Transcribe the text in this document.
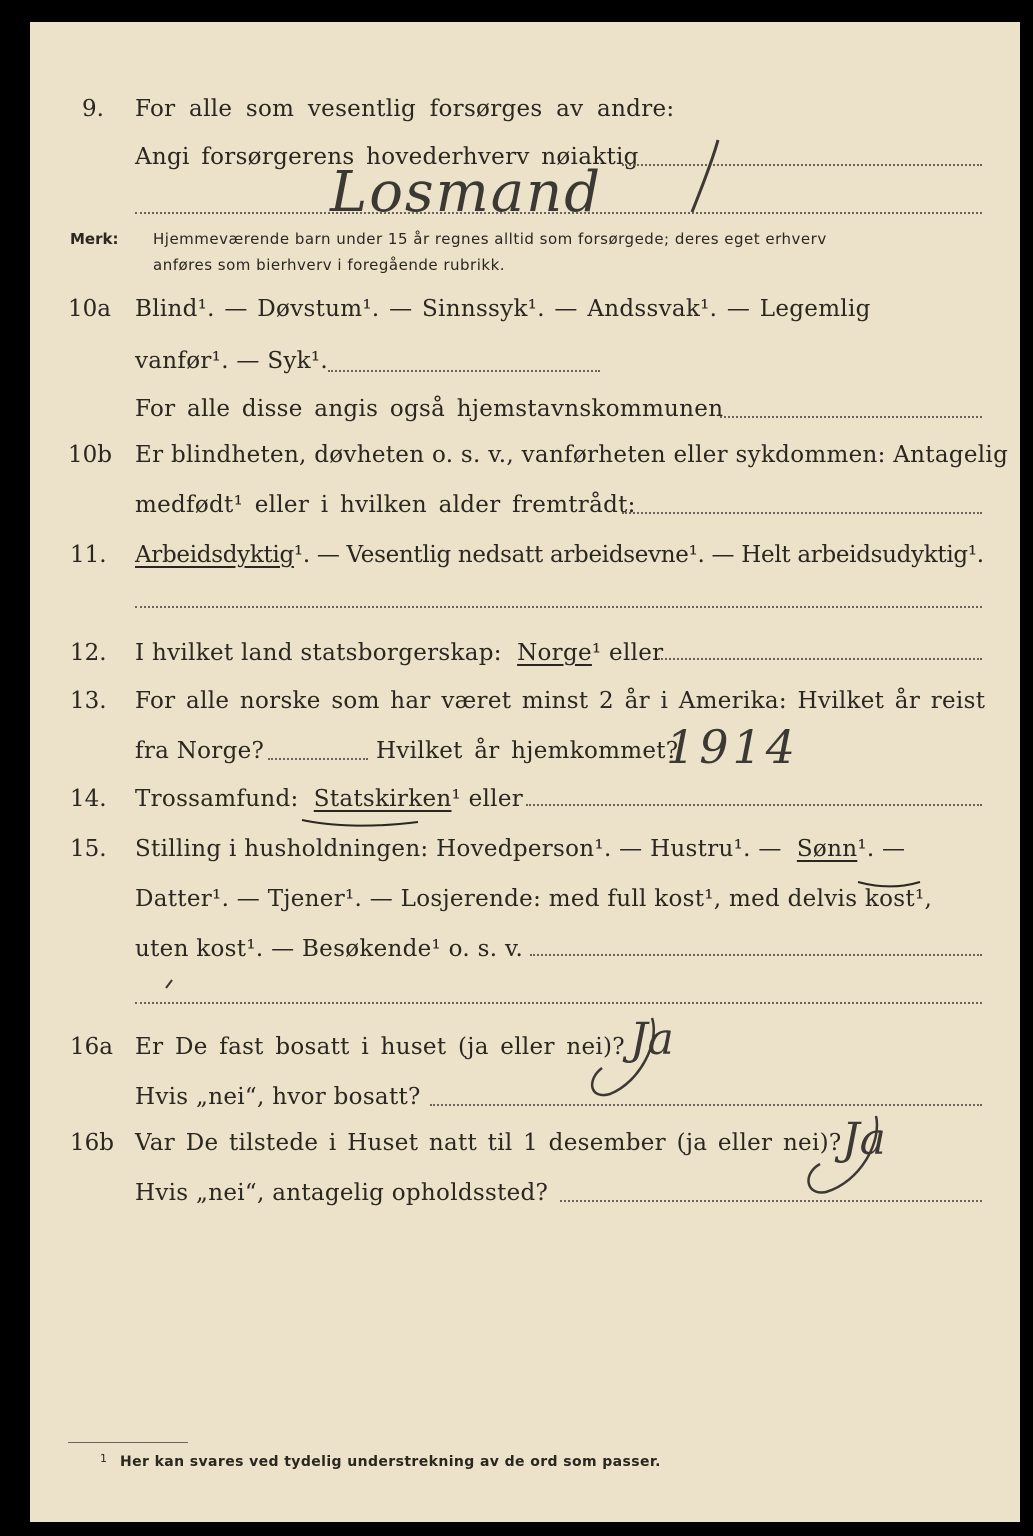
9. For alle som vesentlig forsørges av andre:
Angi forsørgerens hovederhverv nøiaktig
Losmand
Merk: Hjemmeværende barn under 15 år regnes alltid som forsørgede; deres eget erhverv
anføres som bierhverv i foregående rubrikk.
10a Blind¹. — Døvstum¹. — Sinnssyk¹. — Andssvak¹. — Legemlig
vanfør¹. — Syk¹.
For alle disse angis også hjemstavnskommunen
10b Er blindheten, døvheten o. s. v., vanførheten eller sykdommen: Antagelig
medfødt¹ eller i hvilken alder fremtrådt:
11. Arbeidsdyktig¹. — Vesentlig nedsatt arbeidsevne¹. — Helt arbeidsudyktig¹.
12. I hvilket land statsborgerskap: Norge¹ eller
13. For alle norske som har været minst 2 år i Amerika: Hvilket år reist
fra Norge?	Hvilket år hjemkommet?
1914
14. Trossamfund: Statskirken¹ eller
15. Stilling i husholdningen: Hovedperson¹. — Hustru¹. — Sønn¹. —
Datter¹. — Tjener¹. — Losjerende: med full kost¹, med delvis kost¹,
uten kost¹. — Besøkende¹ o. s. v.
16a Er De fast bosatt i huset (ja eller nei)? Ja
Hvis „nei“, hvor bosatt?
16b Var De tilstede i Huset natt til 1 desember (ja eller nei)? Ja
Hvis „nei“, antagelig opholdssted?
1 Her kan svares ved tydelig understrekning av de ord som passer.
